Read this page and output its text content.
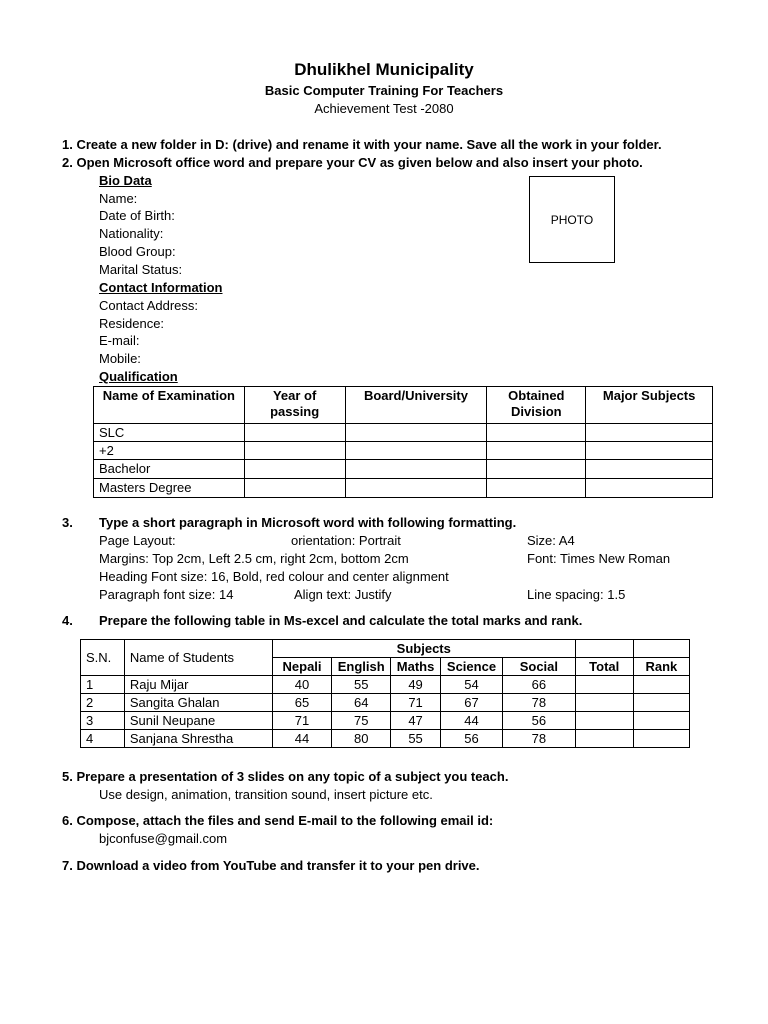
Dhulikhel Municipality
Basic Computer Training For Teachers
Achievement Test -2080
1. Create a new folder in D: (drive) and rename it with your name. Save all the work in your folder.
2. Open Microsoft office word and prepare your CV as given below and also insert your photo.
Bio Data
Name:
Date of Birth:
Nationality:
Blood Group:
Marital Status:
Contact Information
Contact Address:
Residence:
E-mail:
Mobile:
Qualification
PHOTO
Name of Examination	Year of passing	Board/University	Obtained Division	Major Subjects
SLC				
+2				
Bachelor				
Masters Degree				
3. Type a short paragraph in Microsoft word with following formatting.
Page Layout:	orientation: Portrait	Size: A4
Margins: Top 2cm, Left 2.5 cm, right 2cm, bottom 2cm	Font: Times New Roman
Heading Font size: 16, Bold, red colour and center alignment
Paragraph font size: 14	Align text: Justify	Line spacing: 1.5
4. Prepare the following table in Ms-excel and calculate the total marks and rank.
S.N.	Name of Students	Subjects						
		Nepali	English	Maths	Science	Social	Total	Rank
1	Raju Mijar	40	55	49	54	66		
2	Sangita Ghalan	65	64	71	67	78		
3	Sunil Neupane	71	75	47	44	56		
4	Sanjana Shrestha	44	80	55	56	78		
5. Prepare a presentation of 3 slides on any topic of a subject you teach.
Use design, animation, transition sound, insert picture etc.
6. Compose, attach the files and send E-mail to the following email id:
bjconfuse@gmail.com
7. Download a video from YouTube and transfer it to your pen drive.
